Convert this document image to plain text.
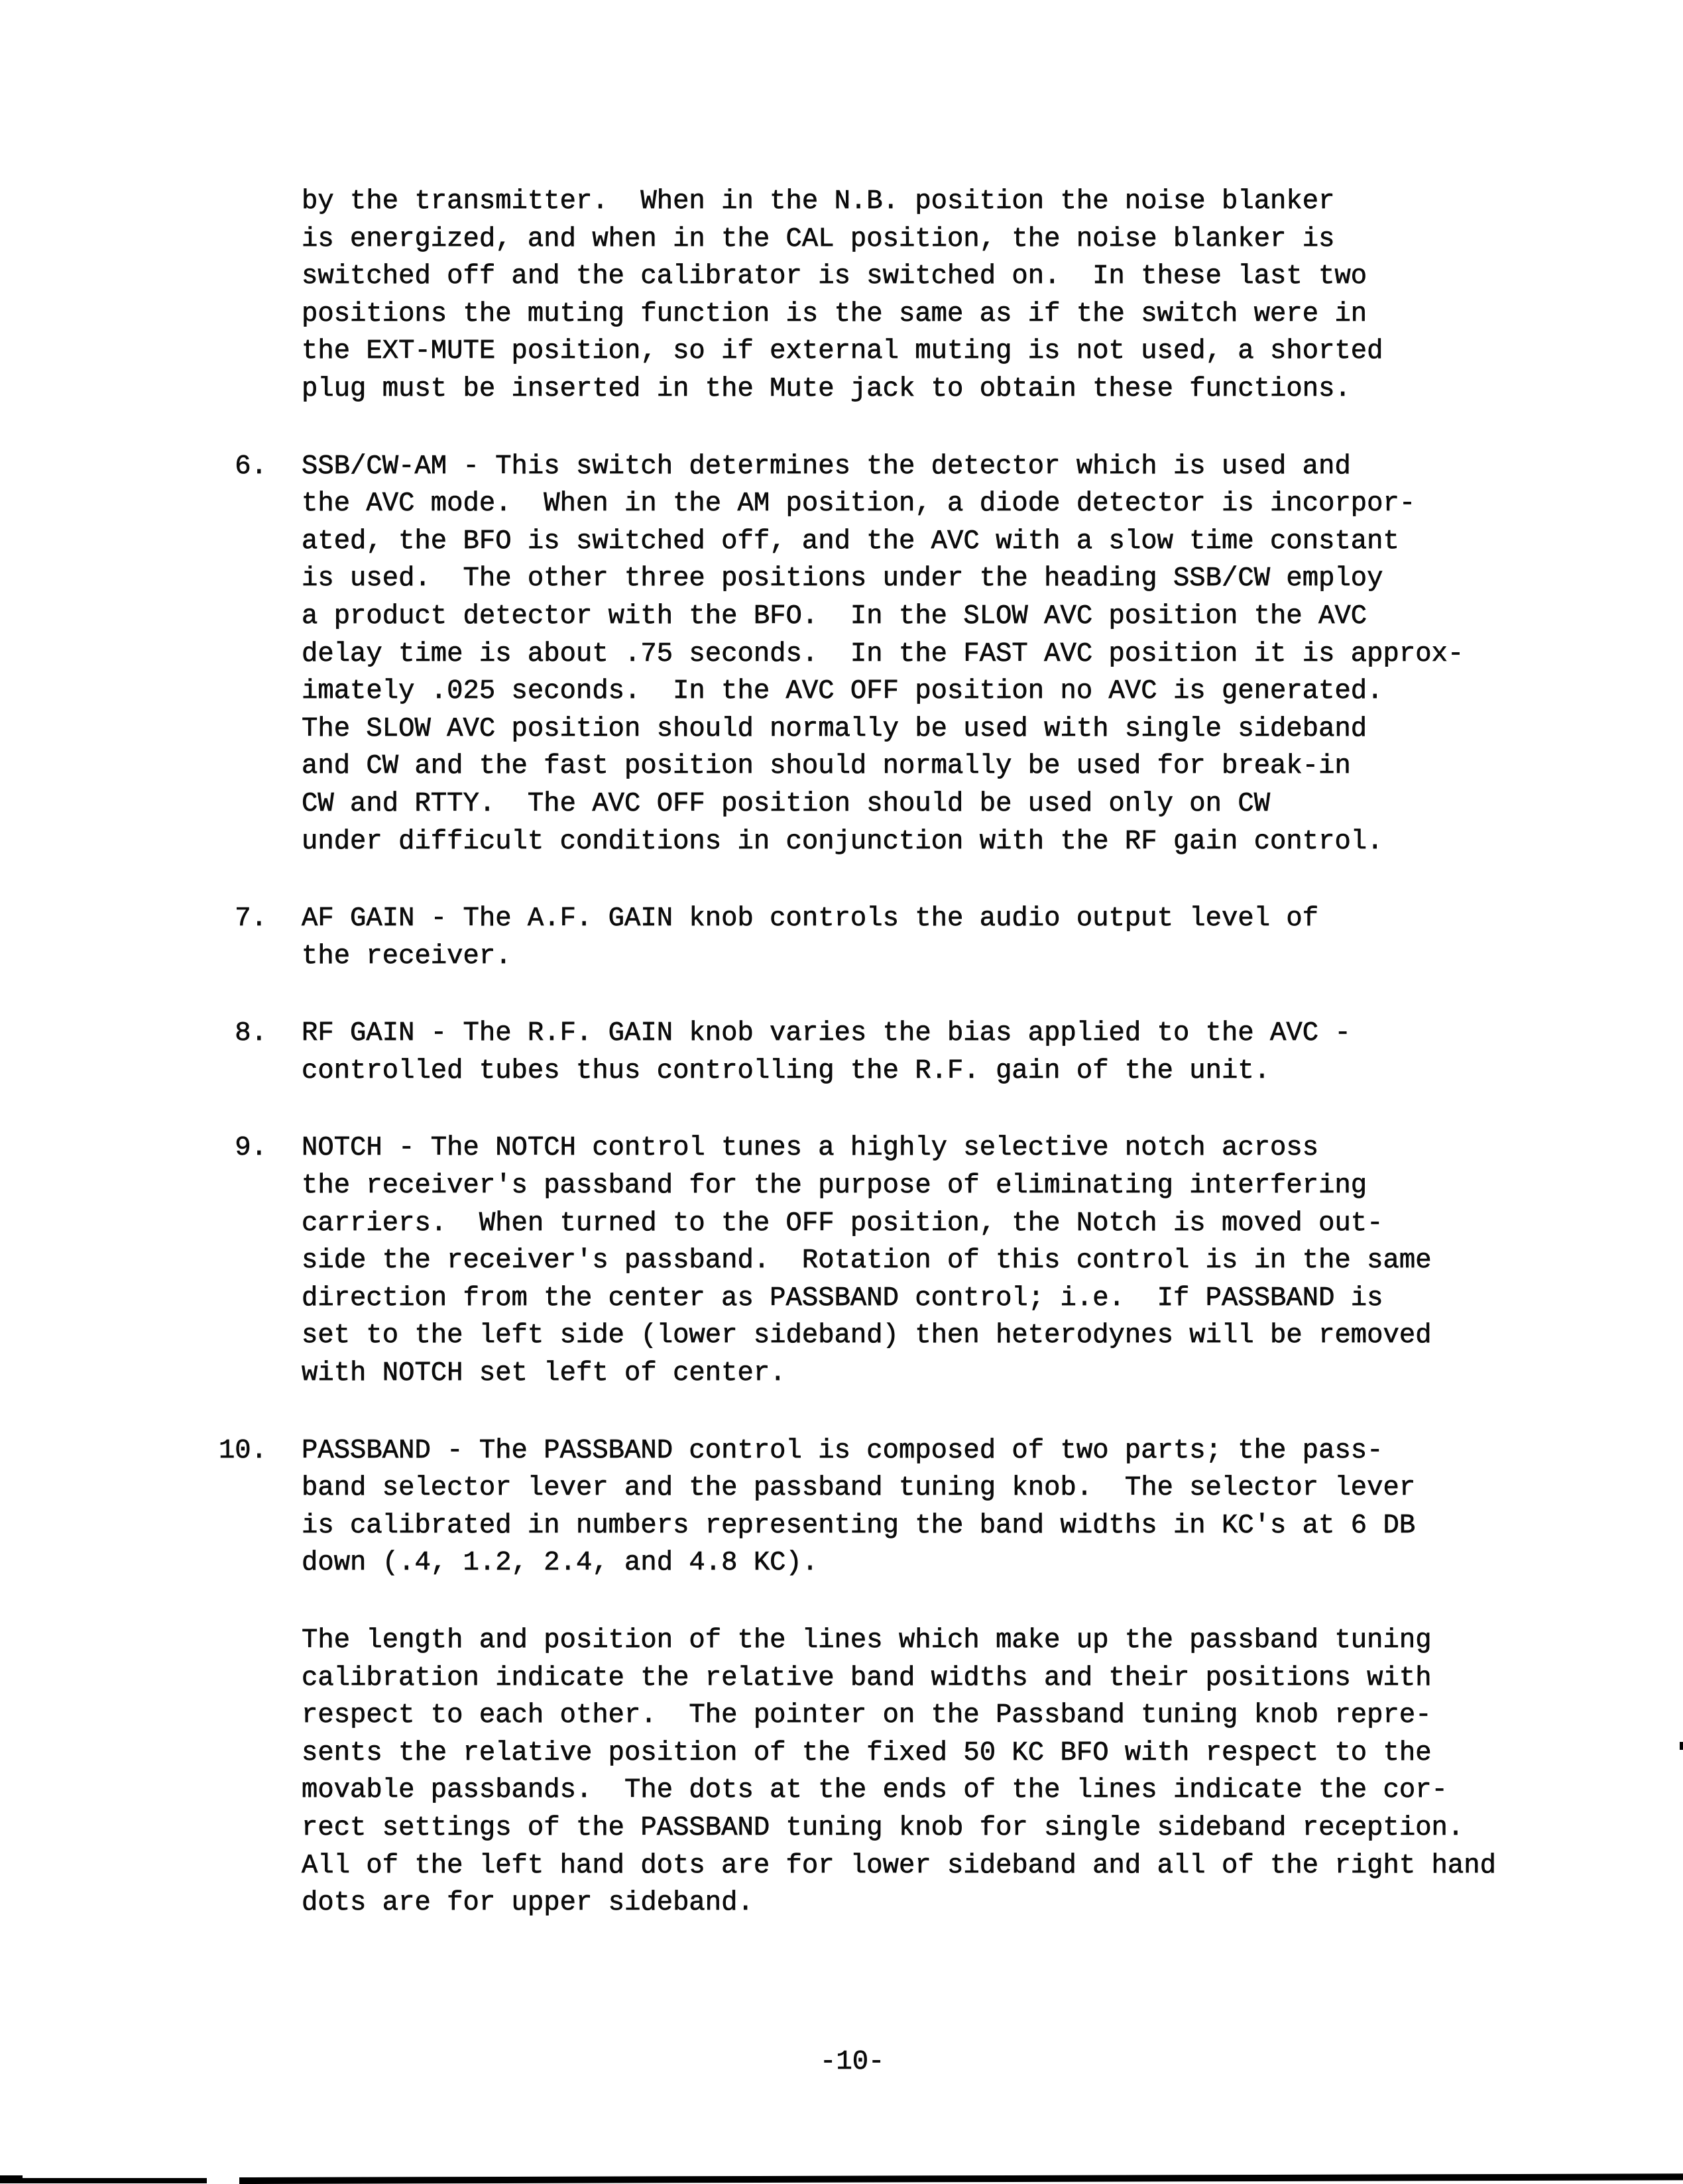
by the transmitter.  When in the N.B. position the noise blanker
is energized, and when in the CAL position, the noise blanker is
switched off and the calibrator is switched on.  In these last two
positions the muting function is the same as if the switch were in
the EXT-MUTE position, so if external muting is not used, a shorted
plug must be inserted in the Mute jack to obtain these functions.
6. SSB/CW-AM - This switch determines the detector which is used and
the AVC mode.  When in the AM position, a diode detector is incorpor-
ated, the BFO is switched off, and the AVC with a slow time constant
is used.  The other three positions under the heading SSB/CW employ
a product detector with the BFO.  In the SLOW AVC position the AVC
delay time is about .75 seconds.  In the FAST AVC position it is approx-
imately .025 seconds.  In the AVC OFF position no AVC is generated.
The SLOW AVC position should normally be used with single sideband
and CW and the fast position should normally be used for break-in
CW and RTTY.  The AVC OFF position should be used only on CW
under difficult conditions in conjunction with the RF gain control.
7. AF GAIN - The A.F. GAIN knob controls the audio output level of
the receiver.
8. RF GAIN - The R.F. GAIN knob varies the bias applied to the AVC -
controlled tubes thus controlling the R.F. gain of the unit.
9. NOTCH - The NOTCH control tunes a highly selective notch across
the receiver's passband for the purpose of eliminating interfering
carriers.  When turned to the OFF position, the Notch is moved out-
side the receiver's passband.  Rotation of this control is in the same
direction from the center as PASSBAND control; i.e.  If PASSBAND is
set to the left side (lower sideband) then heterodynes will be removed
with NOTCH set left of center.
10. PASSBAND - The PASSBAND control is composed of two parts; the pass-
band selector lever and the passband tuning knob.  The selector lever
is calibrated in numbers representing the band widths in KC's at 6 DB
down (.4, 1.2, 2.4, and 4.8 KC).
The length and position of the lines which make up the passband tuning
calibration indicate the relative band widths and their positions with
respect to each other.  The pointer on the Passband tuning knob repre-
sents the relative position of the fixed 50 KC BFO with respect to the
movable passbands.  The dots at the ends of the lines indicate the cor-
rect settings of the PASSBAND tuning knob for single sideband reception.
All of the left hand dots are for lower sideband and all of the right hand
dots are for upper sideband.
-10-
